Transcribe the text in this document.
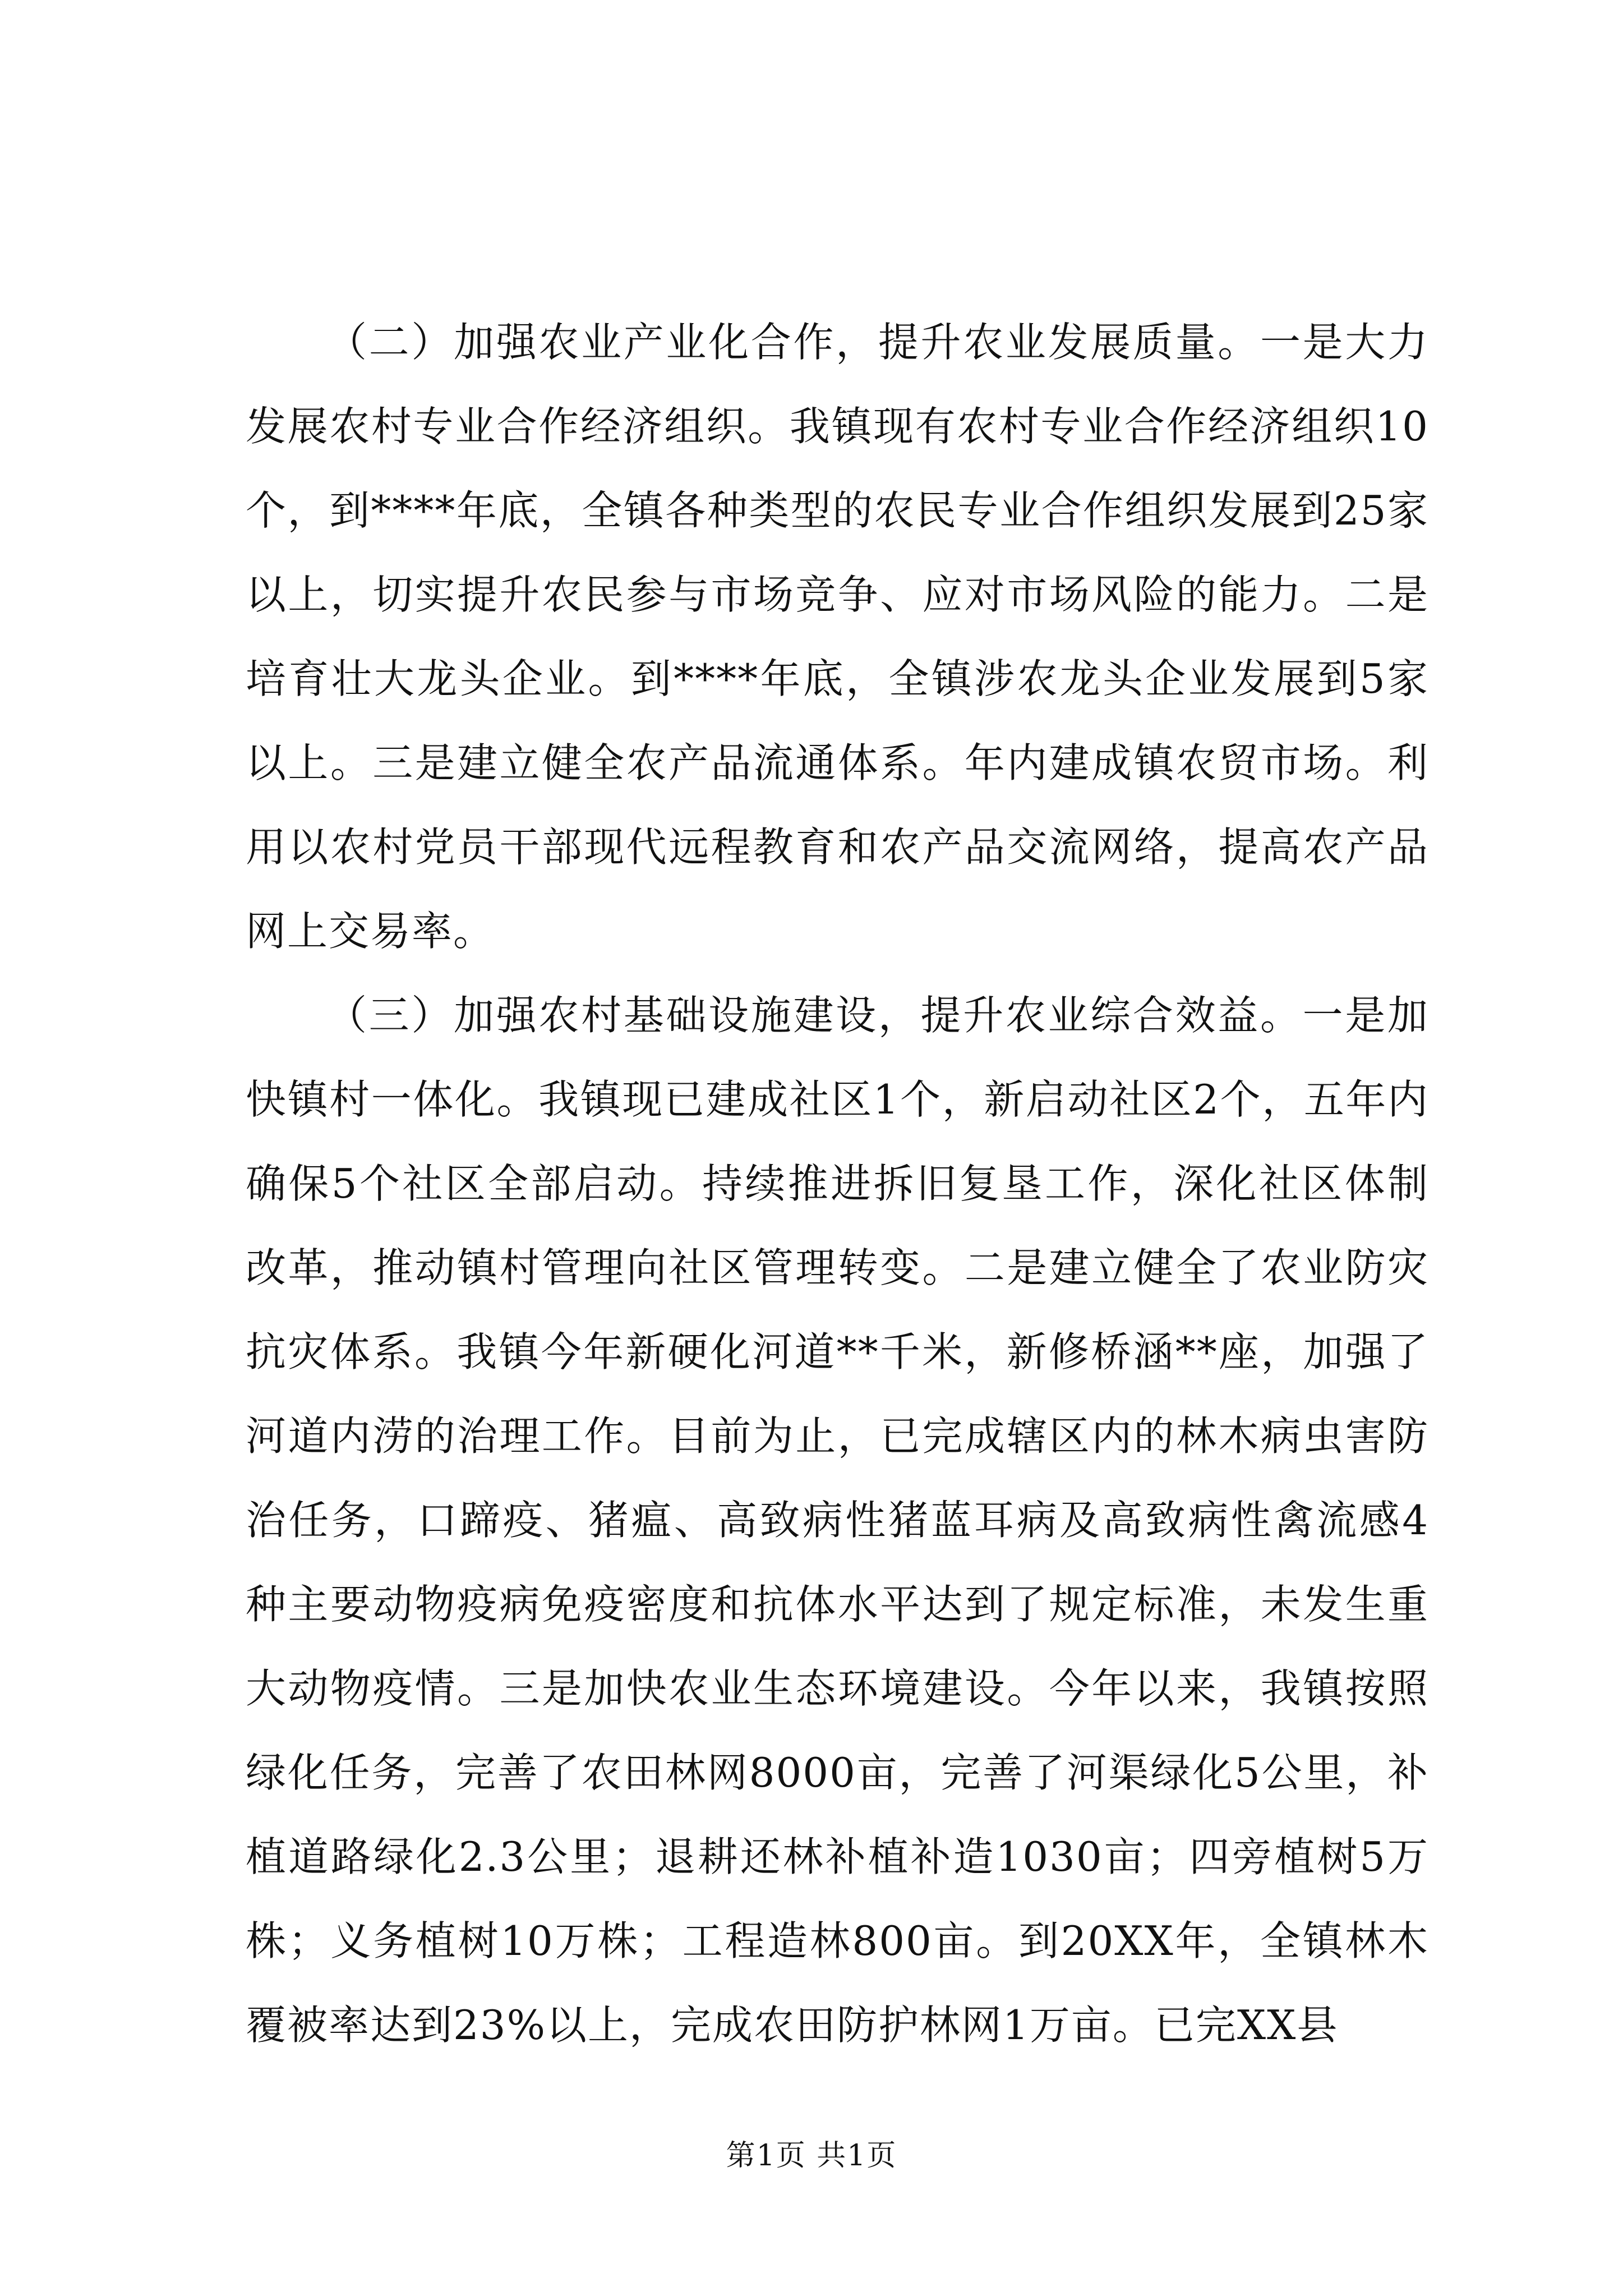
（二）加强农业产业化合作，提升农业发展质量。一是大力发展农村专业合作经济组织。我镇现有农村专业合作经济组织10个，到****年底，全镇各种类型的农民专业合作组织发展到25家以上，切实提升农民参与市场竞争、应对市场风险的能力。二是培育壮大龙头企业。到****年底，全镇涉农龙头企业发展到5家以上。三是建立健全农产品流通体系。年内建成镇农贸市场。利用以农村党员干部现代远程教育和农产品交流网络，提高农产品网上交易率。

（三）加强农村基础设施建设，提升农业综合效益。一是加快镇村一体化。我镇现已建成社区1个，新启动社区2个，五年内确保5个社区全部启动。持续推进拆旧复垦工作，深化社区体制改革，推动镇村管理向社区管理转变。二是建立健全了农业防灾抗灾体系。我镇今年新硬化河道**千米，新修桥涵**座，加强了河道内涝的治理工作。目前为止，已完成辖区内的林木病虫害防治任务，口蹄疫、猪瘟、高致病性猪蓝耳病及高致病性禽流感4种主要动物疫病免疫密度和抗体水平达到了规定标准，未发生重大动物疫情。三是加快农业生态环境建设。今年以来，我镇按照绿化任务，完善了农田林网8000亩，完善了河渠绿化5公里，补植道路绿化2.3公里；退耕还林补植补造1030亩；四旁植树5万株；义务植树10万株；工程造林800亩。到20XX年，全镇林木覆被率达到23%以上，完成农田防护林网1万亩。已完XX县

第1页 共1页
